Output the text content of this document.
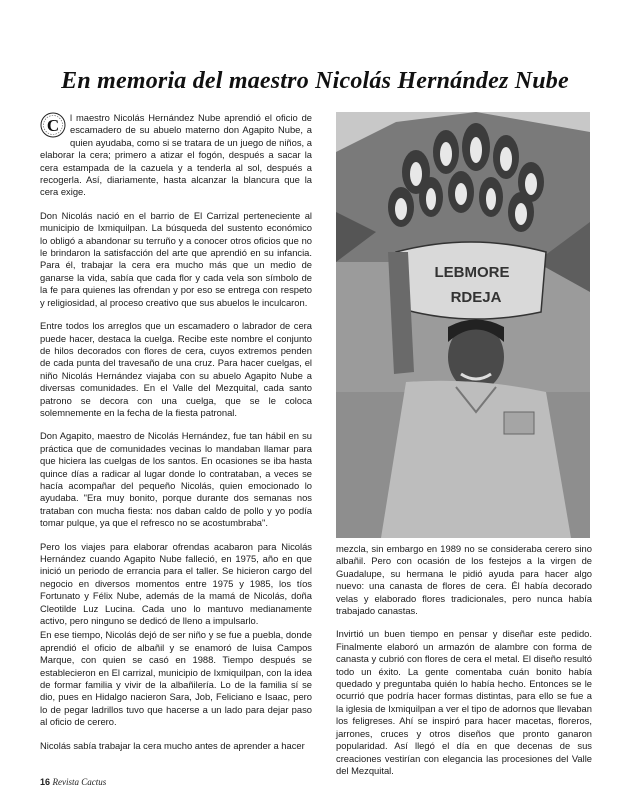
En memoria del maestro Nicolás Hernández Nube

C l maestro Nicolás Hernández Nube aprendió el oficio de escamadero de su abuelo materno don Agapito Nube, a quien ayudaba, como si se tratara de un juego de niños, a elaborar la cera; primero a atizar el fogón, después a sacar la cera estampada de la cazuela y a tenderla al sol, después a recogerla. Así, diariamente, hasta alcanzar la blancura que la cera exige.

Don Nicolás nació en el barrio de El Carrizal perteneciente al municipio de Ixmiquilpan. La búsqueda del sustento económico lo obligó a abandonar su terruño y a conocer otros oficios que no le brindaron la satisfacción del arte que aprendió en su infancia. Para él, trabajar la cera era mucho más que un medio de ganarse la vida, sabía que cada flor y cada vela son símbolo de la fe para quienes las ofrendan y por eso se entrega con respeto y religiosidad, al proceso creativo que sus abuelos le inculcaron.

Entre todos los arreglos que un escamadero o labrador de cera puede hacer, destaca la cuelga. Recibe este nombre el conjunto de hilos decorados con flores de cera, cuyos extremos penden de cada punta del travesaño de una cruz. Para hacer cuelgas, el niño Nicolás Hernández viajaba con su abuelo Agapito Nube a diversas comunidades. En el Valle del Mezquital, cada santo patrono se decora con una cuelga, que se le coloca solemnemente en la fecha de la fiesta patronal.

Don Agapito, maestro de Nicolás Hernández, fue tan hábil en su práctica que de comunidades vecinas lo mandaban llamar para que hiciera las cuelgas de los santos. En ocasiones se iba hasta quince días a radicar al lugar donde lo contrataban, a veces se hacía acompañar del pequeño Nicolás, quien emocionado lo ayudaba. "Era muy bonito, porque durante dos semanas nos trataban con mucha fiesta: nos daban caldo de pollo y yo podía tomar pulque, ya que el refresco no se acostumbraba".

Pero los viajes para elaborar ofrendas acabaron para Nicolás Hernández cuando Agapito Nube falleció, en 1975, año en que inició un periodo de errancia para el taller. Se hicieron cargo del negocio en diversos momentos entre 1975 y 1985, los tíos Fortunato y Félix Nube, además de la mamá de Nicolás, doña Cleotilde Luz Lucina. Cada uno lo mantuvo medianamente activo, pero ninguno se dedicó de lleno a impulsarlo.

En ese tiempo, Nicolás dejó de ser niño y se fue a puebla, donde aprendió el oficio de albañil y se enamoró de luisa Campos Marque, con quien se casó en 1988. Tiempo después se establecieron en El carrizal, municipio de Ixmiquilpan, con la idea de formar familia y vivir de la albañilería. Lo de la familia sí se dio, pues en Hidalgo nacieron Sara, Job, Feliciano e Isaac, pero lo de pegar ladrillos tuvo que hacerse a un lado para dejar paso al oficio de cerero.

Nicolás sabía trabajar la cera mucho antes de aprender a hacer

LEBMORE
RDEJA

mezcla, sin embargo en 1989 no se consideraba cerero sino albañil. Pero con ocasión de los festejos a la virgen de Guadalupe, su hermana le pidió ayuda para hacer algo nuevo: una canasta de flores de cera. Él había decorado velas y elaborado flores tradicionales, pero nunca había trabajado canastas.

Invirtió un buen tiempo en pensar y diseñar este pedido. Finalmente elaboró un armazón de alambre con forma de canasta y cubrió con flores de cera el metal. El diseño resultó todo un éxito. La gente comentaba cuán bonito había quedado y preguntaba quién lo había hecho. Entonces se le ocurrió que podría hacer formas distintas, para ello se fue a la iglesia de Ixmiquilpan a ver el tipo de adornos que llevaban los feligreses. Ahí se inspiró para hacer macetas, floreros, jarrones, cruces y otros diseños que pronto ganaron popularidad. Así llegó el día en que decenas de sus creaciones vestirían con elegancia las procesiones del Valle del Mezquital.

16 Revista Cactus
